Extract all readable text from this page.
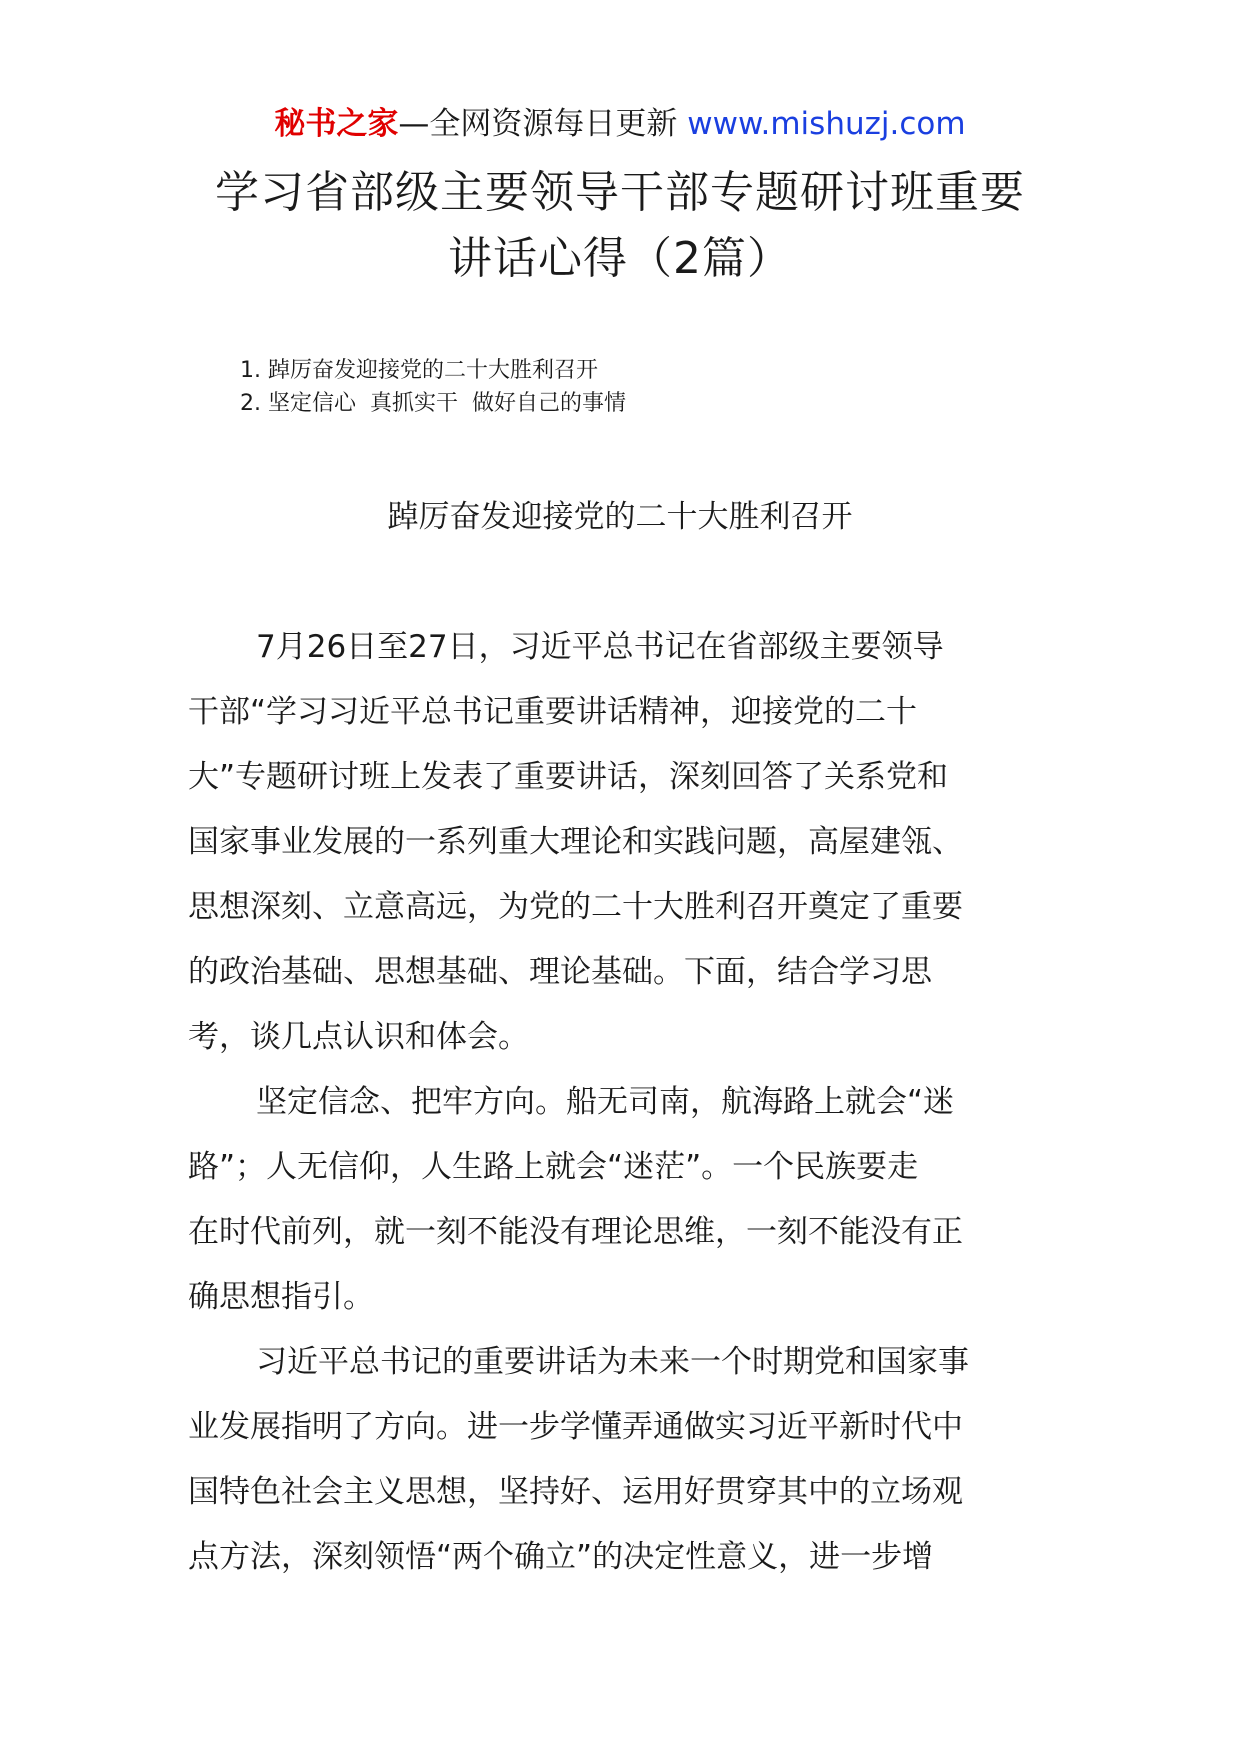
秘书之家—全网资源每日更新 www.mishuzj.com
学习省部级主要领导干部专题研讨班重要
讲话心得（2篇）
1. 踔厉奋发迎接党的二十大胜利召开
2. 坚定信心  真抓实干  做好自己的事情
踔厉奋发迎接党的二十大胜利召开
7月26日至27日，习近平总书记在省部级主要领导
干部“学习习近平总书记重要讲话精神，迎接党的二十
大”专题研讨班上发表了重要讲话，深刻回答了关系党和
国家事业发展的一系列重大理论和实践问题，高屋建瓴、
思想深刻、立意高远，为党的二十大胜利召开奠定了重要
的政治基础、思想基础、理论基础。下面，结合学习思
考，谈几点认识和体会。
坚定信念、把牢方向。船无司南，航海路上就会“迷
路”；人无信仰，人生路上就会“迷茫”。一个民族要走
在时代前列，就一刻不能没有理论思维，一刻不能没有正
确思想指引。
习近平总书记的重要讲话为未来一个时期党和国家事
业发展指明了方向。进一步学懂弄通做实习近平新时代中
国特色社会主义思想，坚持好、运用好贯穿其中的立场观
点方法，深刻领悟“两个确立”的决定性意义，进一步增
